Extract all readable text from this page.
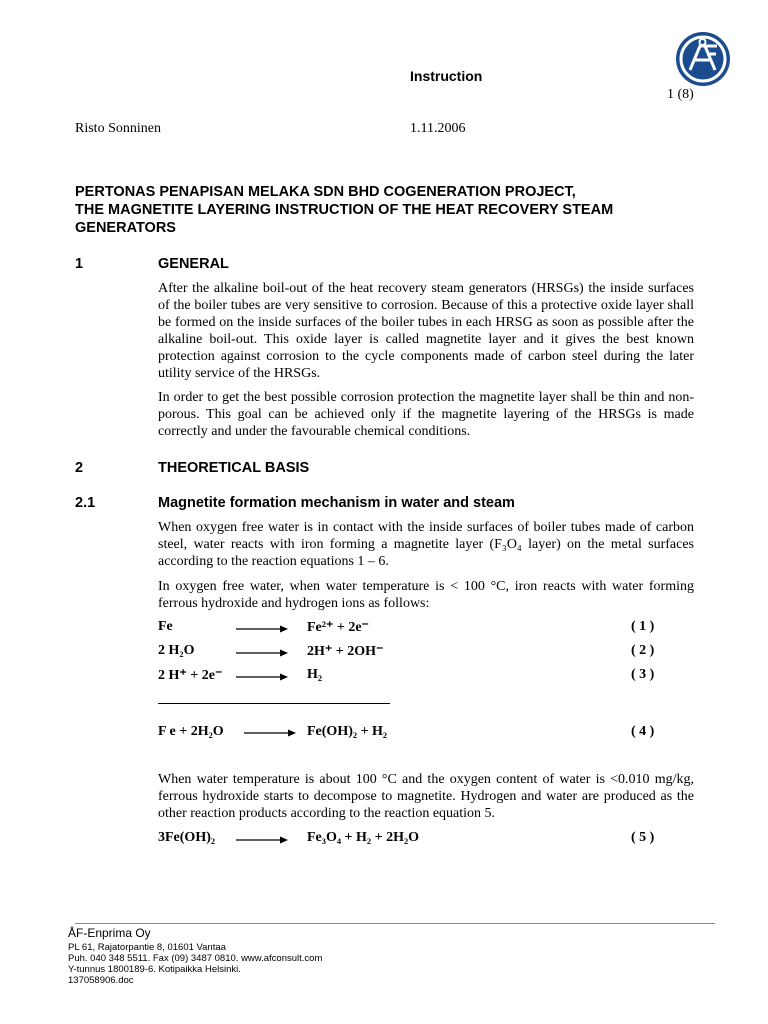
Instruction
1 (8)
Risto Sonninen	1.11.2006
PERTONAS PENAPISAN MELAKA SDN BHD COGENERATION PROJECT,
THE MAGNETITE LAYERING INSTRUCTION OF THE HEAT RECOVERY STEAM
GENERATORS
1	GENERAL
After the alkaline boil-out of the heat recovery steam generators (HRSGs) the inside surfaces of the boiler tubes are very sensitive to corrosion. Because of this a protective oxide layer shall be formed on the inside surfaces of the boiler tubes in each HRSG as soon as possible after the alkaline boil-out. This oxide layer is called magnetite layer and it gives the best known protection against corrosion to the cycle components made of carbon steel during the later utility service of the HRSGs.
In order to get the best possible corrosion protection the magnetite layer shall be thin and non-porous. This goal can be achieved only if the magnetite layering of the HRSGs is made correctly and under the favourable chemical conditions.
2	THEORETICAL BASIS
2.1	Magnetite formation mechanism in water and steam
When oxygen free water is in contact with the inside surfaces of boiler tubes made of carbon steel, water reacts with iron forming a magnetite layer (F₃O₄ layer) on the metal surfaces according to the reaction equations 1 – 6.
In oxygen free water, when water temperature is < 100 °C, iron reacts with water forming ferrous hydroxide and hydrogen ions as follows:
Fe	Fe²⁺ + 2e⁻	( 1 )
2 H₂O	2H⁺ + 2OH⁻	( 2 )
2 H⁺ + 2e⁻	H₂	( 3 )
F e + 2H₂O	Fe(OH)₂ + H₂	( 4 )
When water temperature is about 100 °C and the oxygen content of water is <0.010 mg/kg, ferrous hydroxide starts to decompose to magnetite. Hydrogen and water are produced as the other reaction products according to the reaction equation 5.
3Fe(OH)₂	Fe₃O₄ + H₂ + 2H₂O	( 5 )
ÅF-Enprima Oy
PL 61, Rajatorpantie 8, 01601 Vantaa
Puh. 040 348 5511. Fax (09) 3487 0810. www.afconsult.com
Y-tunnus 1800189-6. Kotipaikka Helsinki.
137058906.doc
